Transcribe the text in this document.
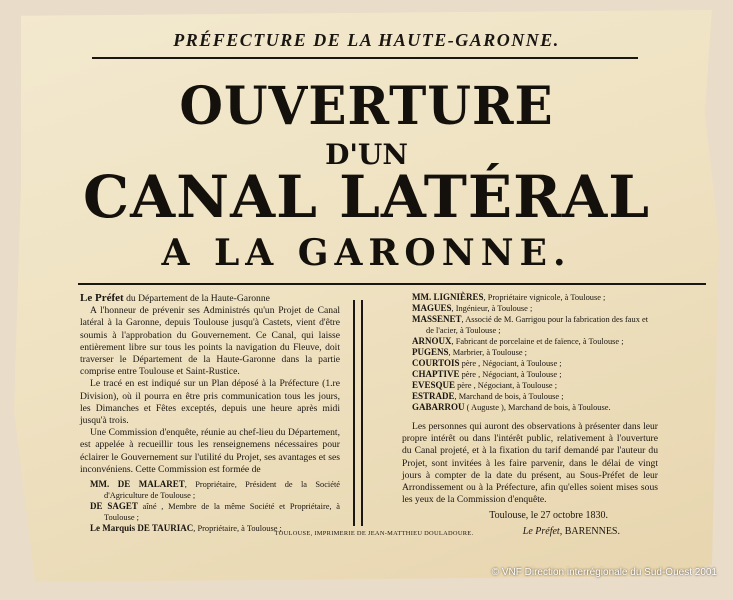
PRÉFECTURE DE LA HAUTE-GARONNE.
OUVERTURE
D'UN
CANAL LATÉRAL
A LA GARONNE.

Le Préfet du Département de la Haute-Garonne

A l'honneur de prévenir ses Administrés qu'un Projet de Canal latéral à la Garonne, depuis Toulouse jusqu'à Castets, vient d'être soumis à l'approbation du Gouvernement. Ce Canal, qui laisse entièrement libre sur tous les points la navigation du Fleuve, doit traverser le Département de la Haute-Garonne dans la partie comprise entre Toulouse et Saint-Rustice.

Le tracé en est indiqué sur un Plan déposé à la Préfecture (1.re Division), où il pourra en être pris communication tous les jours, les Dimanches et Fêtes exceptés, depuis une heure après midi jusqu'à trois.

Une Commission d'enquête, réunie au chef-lieu du Département, est appelée à recueillir tous les renseignemens nécessaires pour éclairer le Gouvernement sur l'utilité du Projet, ses avantages et ses inconvéniens. Cette Commission est formée de

MM. DE MALARET, Propriétaire, Président de la Société d'Agriculture de Toulouse ;
DE SAGET aîné , Membre de la même Société et Propriétaire, à Toulouse ;
Le Marquis DE TAURIAC, Propriétaire, à Toulouse ;
MM. LIGNIÈRES, Propriétaire vignicole, à Toulouse ;
MAGUES, Ingénieur, à Toulouse ;
MASSENET, Associé de M. Garrigou pour la fabrication des faux et de l'acier, à Toulouse ;
ARNOUX, Fabricant de porcelaine et de faïence, à Toulouse ;
PUGENS, Marbrier, à Toulouse ;
COURTOIS père , Négociant, à Toulouse ;
CHAPTIVE père , Négociant, à Toulouse ;
EVESQUE père , Négociant, à Toulouse ;
ESTRADE, Marchand de bois, à Toulouse ;
GABARROU ( Auguste ), Marchand de bois, à Toulouse.

Les personnes qui auront des observations à présenter dans leur propre intérêt ou dans l'intérêt public, relativement à l'ouverture du Canal projeté, et à la fixation du tarif demandé par l'auteur du Projet, sont invitées à les faire parvenir, dans le délai de vingt jours à compter de la date du présent, au Sous-Préfet de leur Arrondissement ou à la Préfecture, afin qu'elles soient mises sous les yeux de la Commission d'enquête.

Toulouse, le 27 octobre 1830.
Le Préfet, BARENNES.
TOULOUSE, IMPRIMERIE DE JEAN-MATTHIEU DOULADOURE.
© VNF Direction interrégionale du Sud-Ouest 2001
